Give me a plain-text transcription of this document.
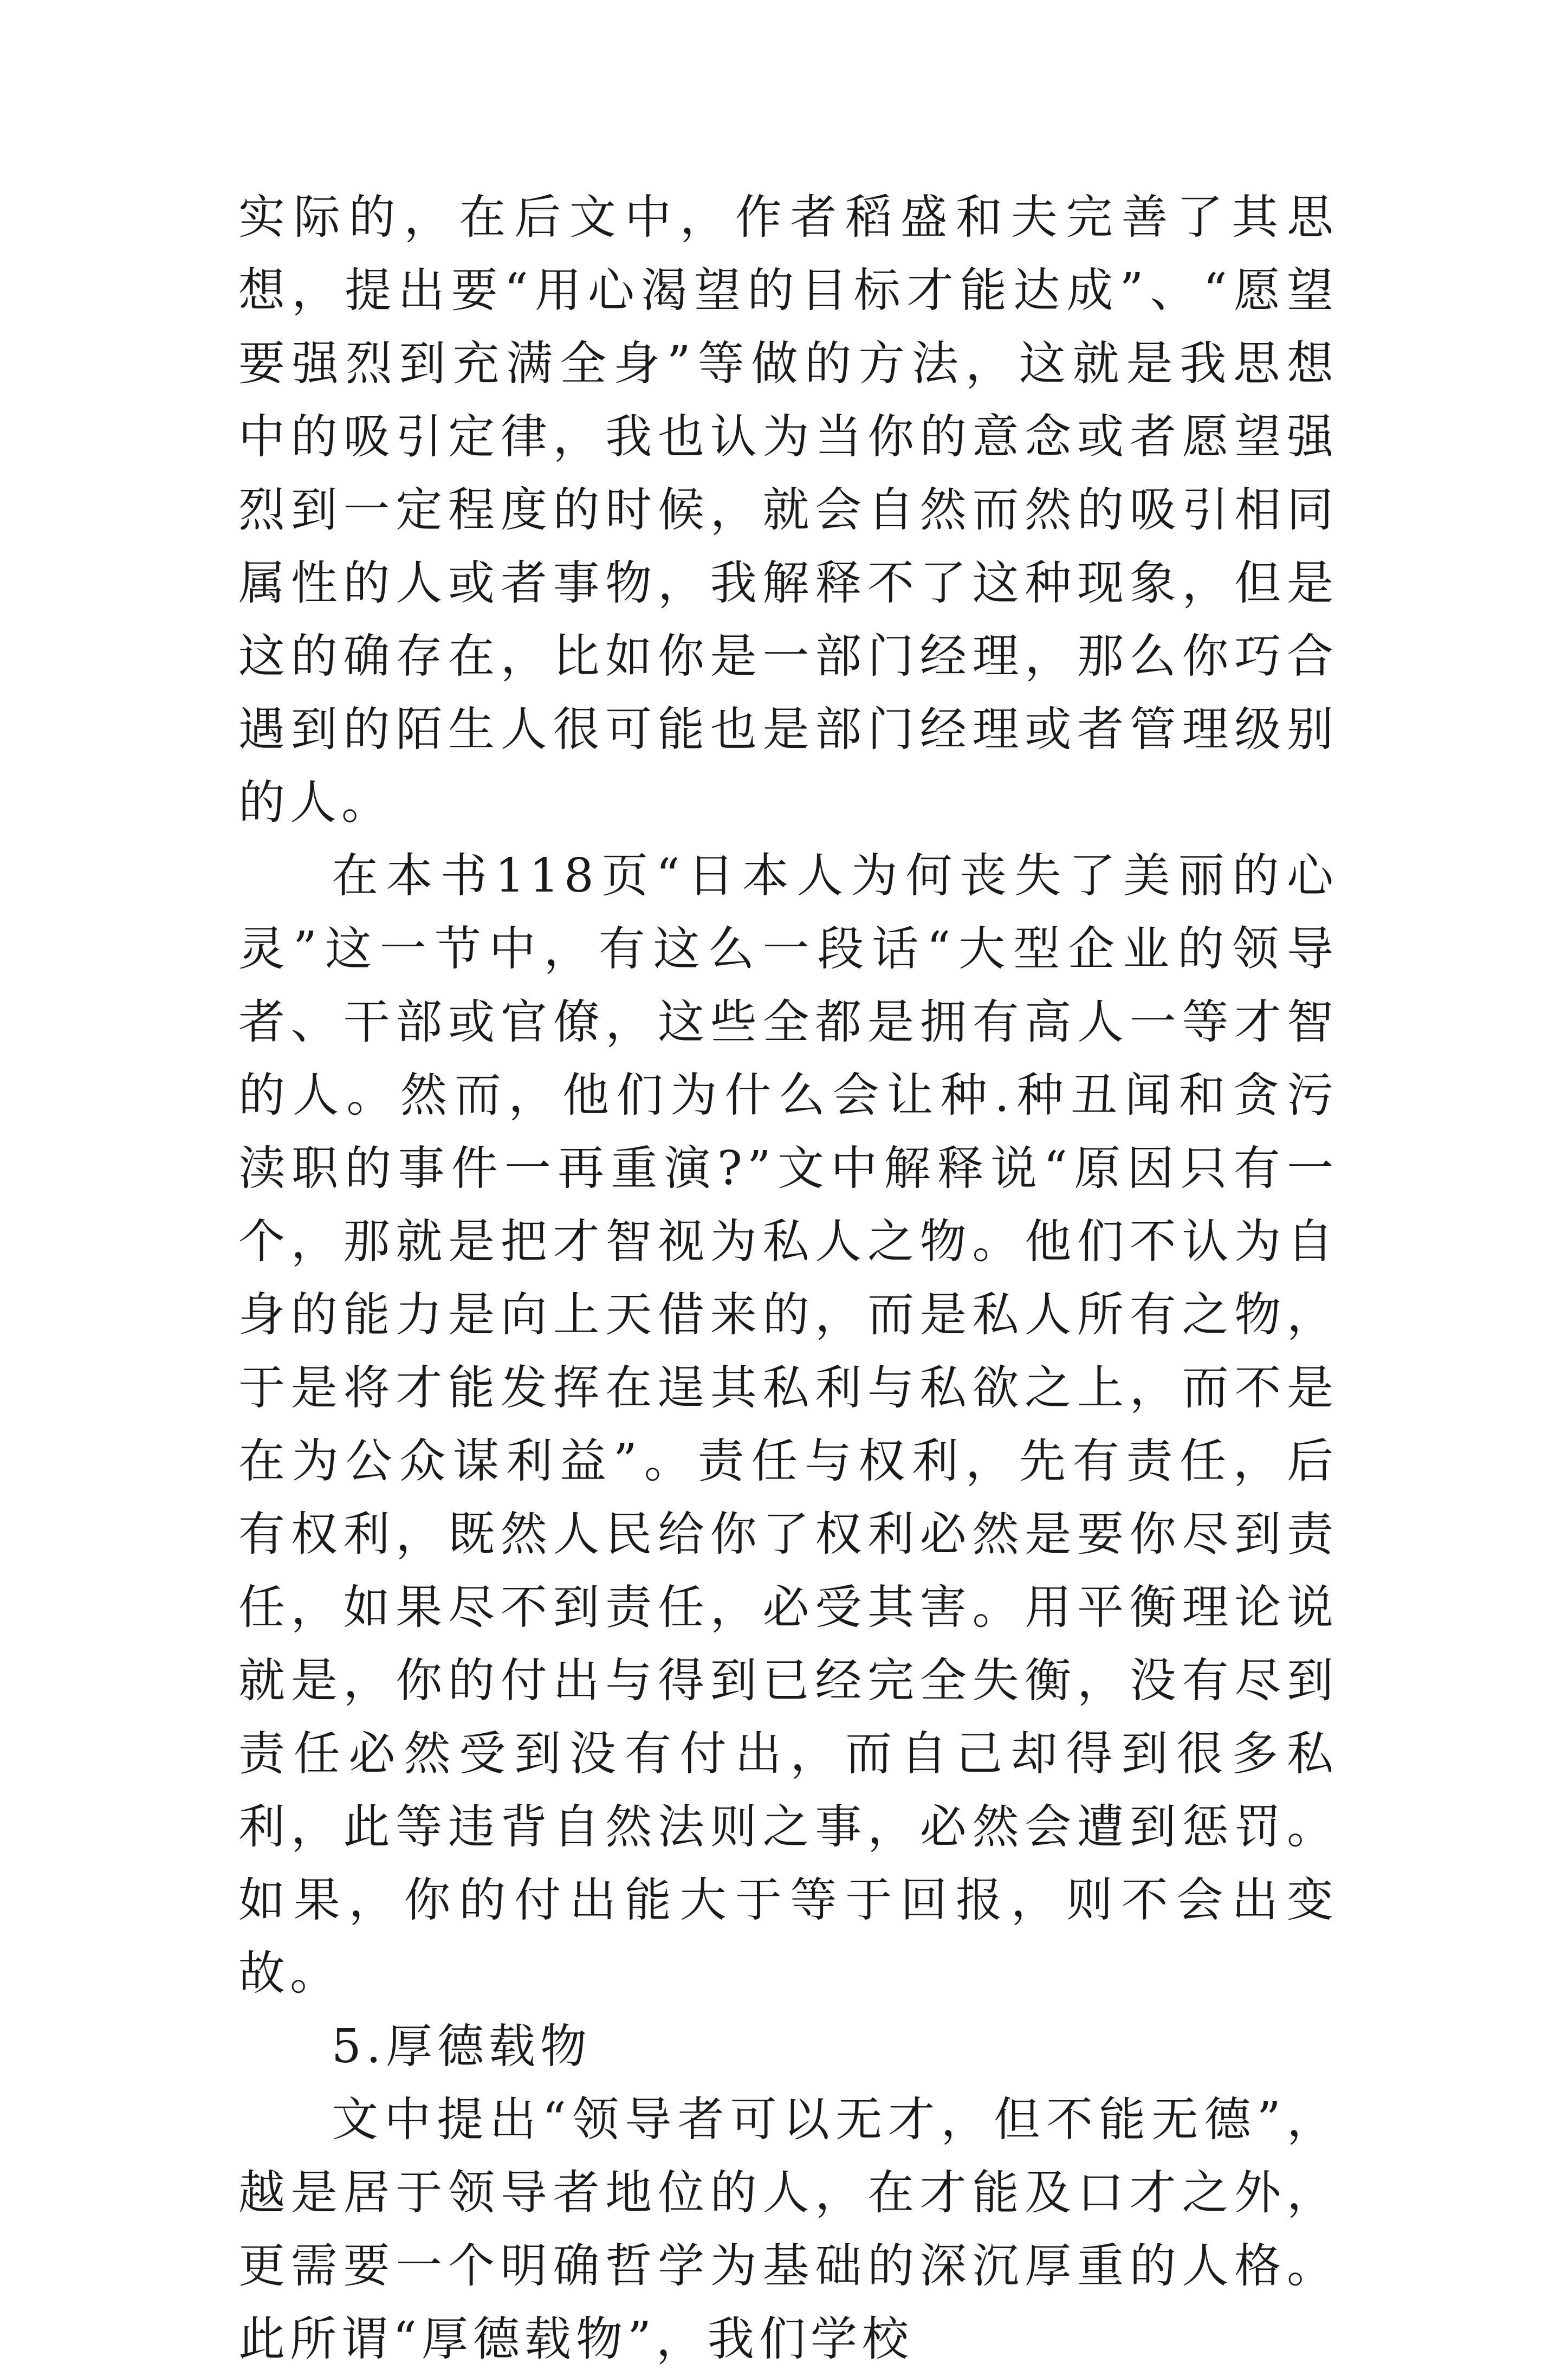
实际的，在后文中，作者稻盛和夫完善了其思想，提出要“用心渴望的目标才能达成”、“愿望要强烈到充满全身”等做的方法，这就是我思想中的吸引定律，我也认为当你的意念或者愿望强烈到一定程度的时候，就会自然而然的吸引相同属性的人或者事物，我解释不了这种现象，但是这的确存在，比如你是一部门经理，那么你巧合遇到的陌生人很可能也是部门经理或者管理级别的人。

在本书118页“日本人为何丧失了美丽的心灵”这一节中，有这么一段话“大型企业的领导者、干部或官僚，这些全都是拥有高人一等才智的人。然而，他们为什么会让种.种丑闻和贪污渎职的事件一再重演?”文中解释说“原因只有一个，那就是把才智视为私人之物。他们不认为自身的能力是向上天借来的，而是私人所有之物，于是将才能发挥在逞其私利与私欲之上，而不是在为公众谋利益”。责任与权利，先有责任，后有权利，既然人民给你了权利必然是要你尽到责任，如果尽不到责任，必受其害。用平衡理论说就是，你的付出与得到已经完全失衡，没有尽到责任必然受到没有付出，而自己却得到很多私利，此等违背自然法则之事，必然会遭到惩罚。如果，你的付出能大于等于回报，则不会出变故。

5.厚德载物

文中提出“领导者可以无才，但不能无德”，越是居于领导者地位的人，在才能及口才之外，更需要一个明确哲学为基础的深沉厚重的人格。此所谓“厚德载物”，我们学校
